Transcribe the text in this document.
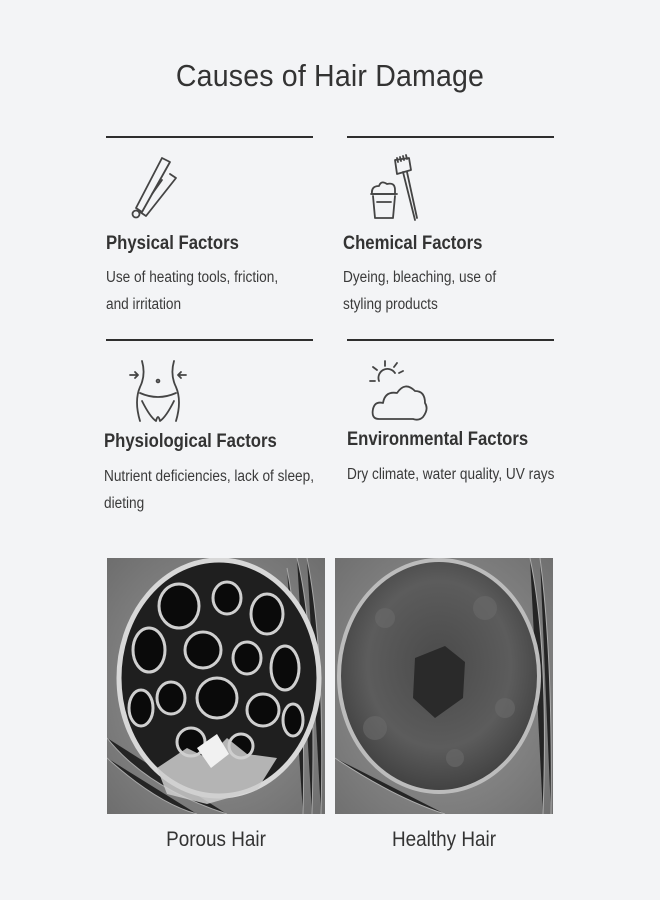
Causes of Hair Damage
Physical Factors
Use of heating tools, friction, and irritation
Chemical Factors
Dyeing, bleaching, use of styling products
Physiological Factors
Nutrient deficiencies, lack of sleep, dieting
Environmental Factors
Dry climate, water quality, UV rays
Porous Hair	Healthy Hair
